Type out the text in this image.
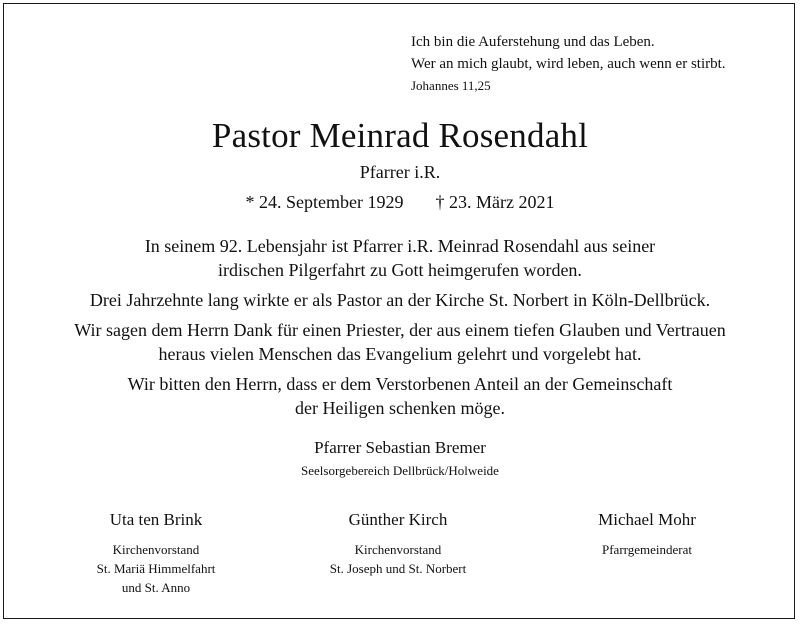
Ich bin die Auferstehung und das Leben.
Wer an mich glaubt, wird leben, auch wenn er stirbt.
Johannes 11,25
Pastor Meinrad Rosendahl
Pfarrer i.R.
* 24. September 1929 † 23. März 2021

In seinem 92. Lebensjahr ist Pfarrer i.R. Meinrad Rosendahl aus seiner
irdischen Pilgerfahrt zu Gott heimgerufen worden.

Drei Jahrzehnte lang wirkte er als Pastor an der Kirche St. Norbert in Köln-Dellbrück.

Wir sagen dem Herrn Dank für einen Priester, der aus einem tiefen Glauben und Vertrauen
heraus vielen Menschen das Evangelium gelehrt und vorgelebt hat.

Wir bitten den Herrn, dass er dem Verstorbenen Anteil an der Gemeinschaft
der Heiligen schenken möge.

Pfarrer Sebastian Bremer
Seelsorgebereich Dellbrück/Holweide
Uta ten Brink
Kirchenvorstand
St. Mariä Himmelfahrt
und St. Anno
Günther Kirch
Kirchenvorstand
St. Joseph und St. Norbert
Michael Mohr
Pfarrgemeinderat
